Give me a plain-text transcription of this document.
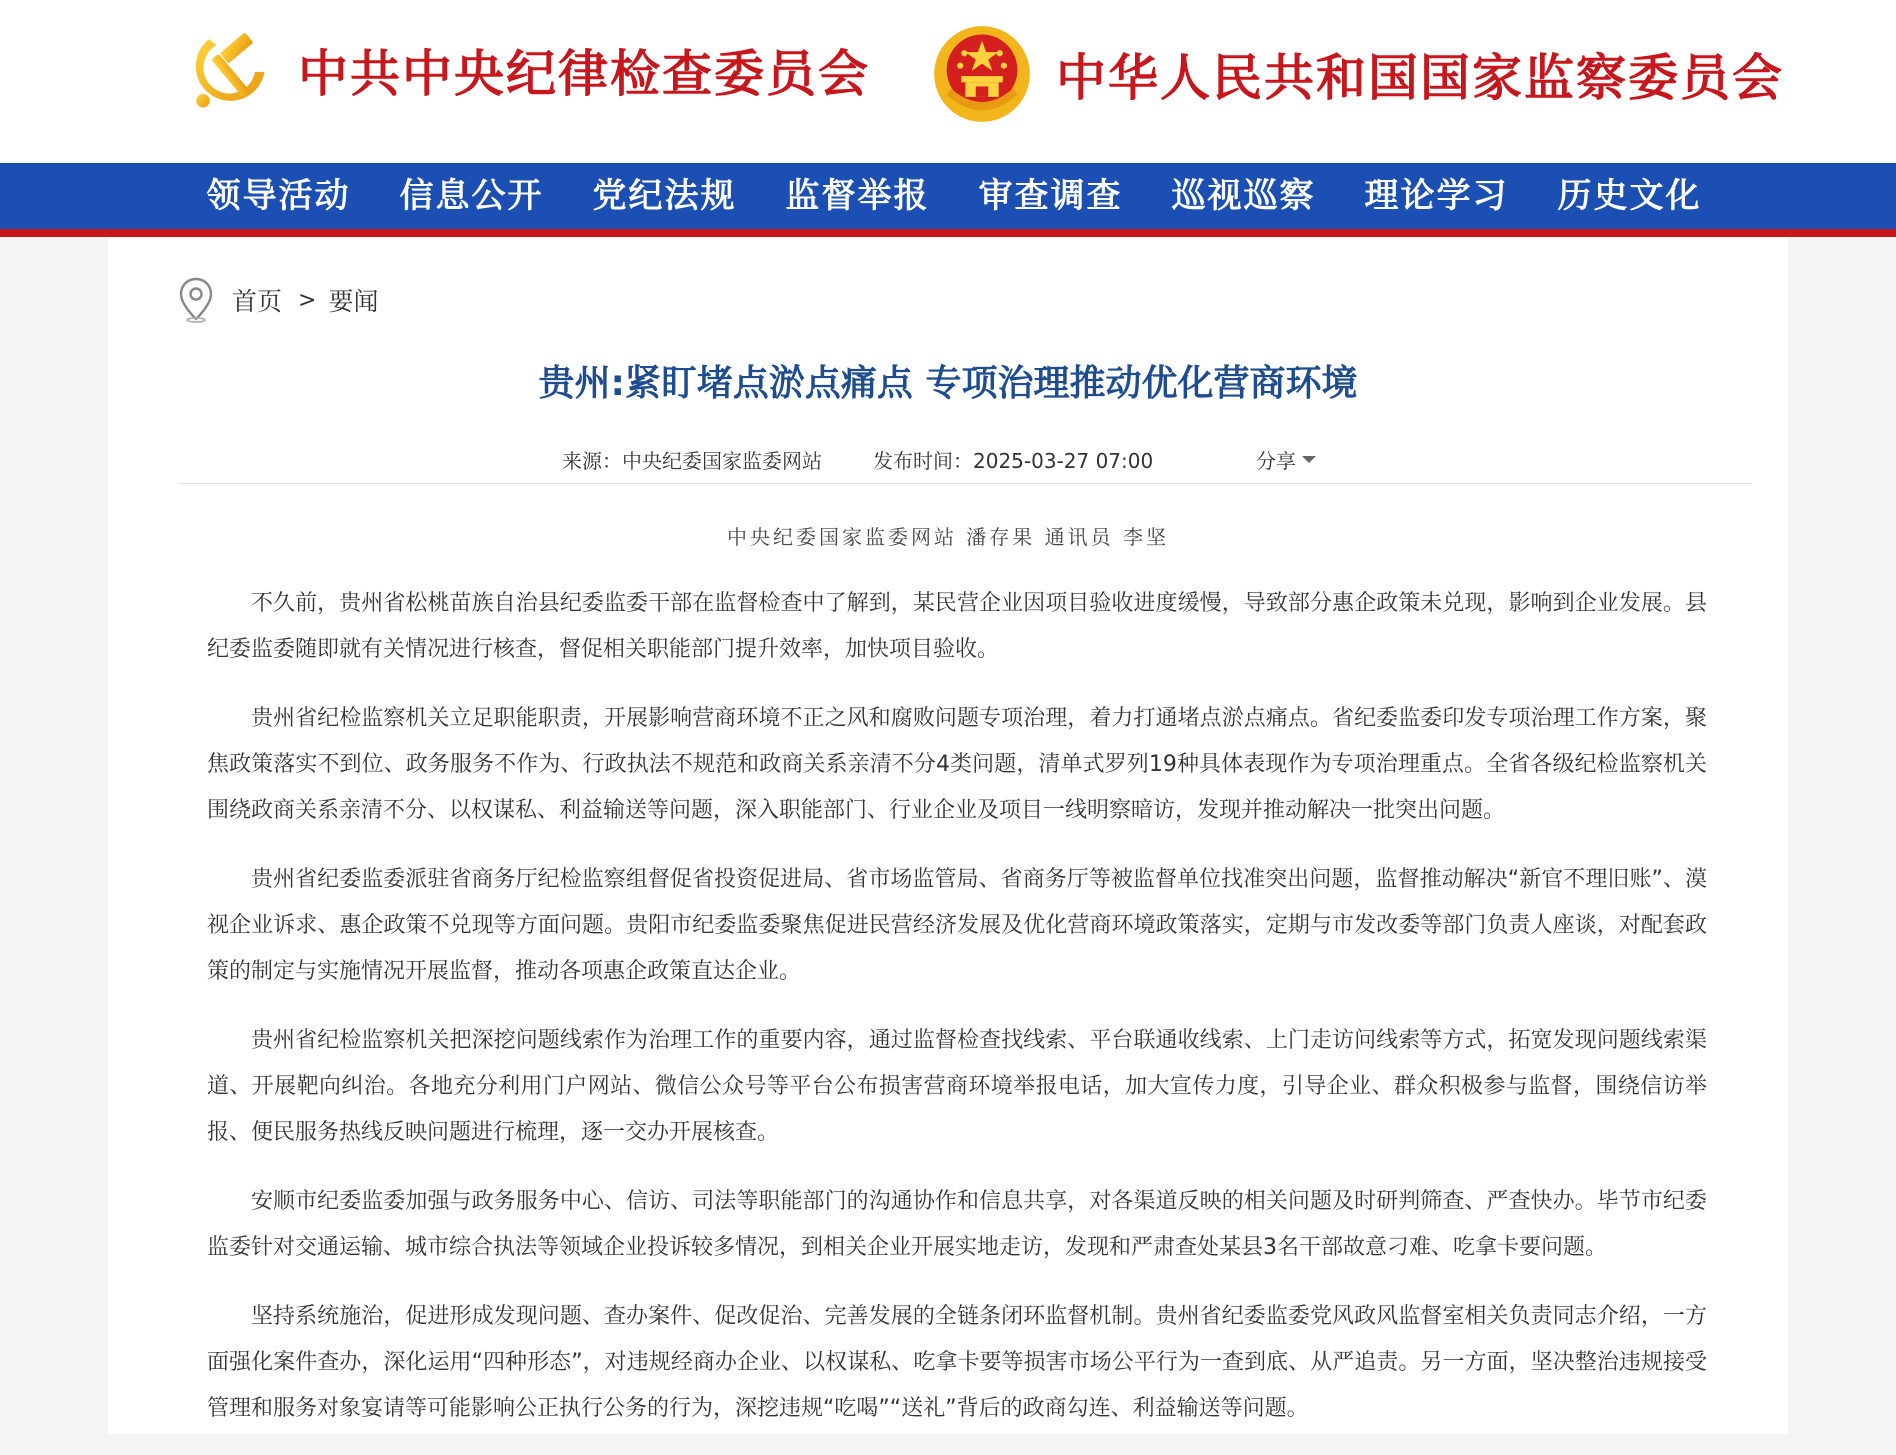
中共中央纪律检查委员会	中华人民共和国国家监察委员会
领导活动	信息公开	党纪法规	监督举报	审查调查	巡视巡察	理论学习	历史文化
首页 > 要闻
贵州:紧盯堵点淤点痛点 专项治理推动优化营商环境
来源：中央纪委国家监委网站	发布时间：2025-03-27 07:00	分享
中央纪委国家监委网站 潘存果 通讯员 李坚

不久前，贵州省松桃苗族自治县纪委监委干部在监督检查中了解到，某民营企业因项目验收进度缓慢，导致部分惠企政策未兑现，影响到企业发展。县纪委监委随即就有关情况进行核查，督促相关职能部门提升效率，加快项目验收。

贵州省纪检监察机关立足职能职责，开展影响营商环境不正之风和腐败问题专项治理，着力打通堵点淤点痛点。省纪委监委印发专项治理工作方案，聚焦政策落实不到位、政务服务不作为、行政执法不规范和政商关系亲清不分4类问题，清单式罗列19种具体表现作为专项治理重点。全省各级纪检监察机关围绕政商关系亲清不分、以权谋私、利益输送等问题，深入职能部门、行业企业及项目一线明察暗访，发现并推动解决一批突出问题。

贵州省纪委监委派驻省商务厅纪检监察组督促省投资促进局、省市场监管局、省商务厅等被监督单位找准突出问题，监督推动解决“新官不理旧账”、漠视企业诉求、惠企政策不兑现等方面问题。贵阳市纪委监委聚焦促进民营经济发展及优化营商环境政策落实，定期与市发改委等部门负责人座谈，对配套政策的制定与实施情况开展监督，推动各项惠企政策直达企业。

贵州省纪检监察机关把深挖问题线索作为治理工作的重要内容，通过监督检查找线索、平台联通收线索、上门走访问线索等方式，拓宽发现问题线索渠道、开展靶向纠治。各地充分利用门户网站、微信公众号等平台公布损害营商环境举报电话，加大宣传力度，引导企业、群众积极参与监督，围绕信访举报、便民服务热线反映问题进行梳理，逐一交办开展核查。

安顺市纪委监委加强与政务服务中心、信访、司法等职能部门的沟通协作和信息共享，对各渠道反映的相关问题及时研判筛查、严查快办。毕节市纪委监委针对交通运输、城市综合执法等领域企业投诉较多情况，到相关企业开展实地走访，发现和严肃查处某县3名干部故意刁难、吃拿卡要问题。

坚持系统施治，促进形成发现问题、查办案件、促改促治、完善发展的全链条闭环监督机制。贵州省纪委监委党风政风监督室相关负责同志介绍，一方面强化案件查办，深化运用“四种形态”，对违规经商办企业、以权谋私、吃拿卡要等损害市场公平行为一查到底、从严追责。另一方面，坚决整治违规接受管理和服务对象宴请等可能影响公正执行公务的行为，深挖违规“吃喝”“送礼”背后的政商勾连、利益输送等问题。
